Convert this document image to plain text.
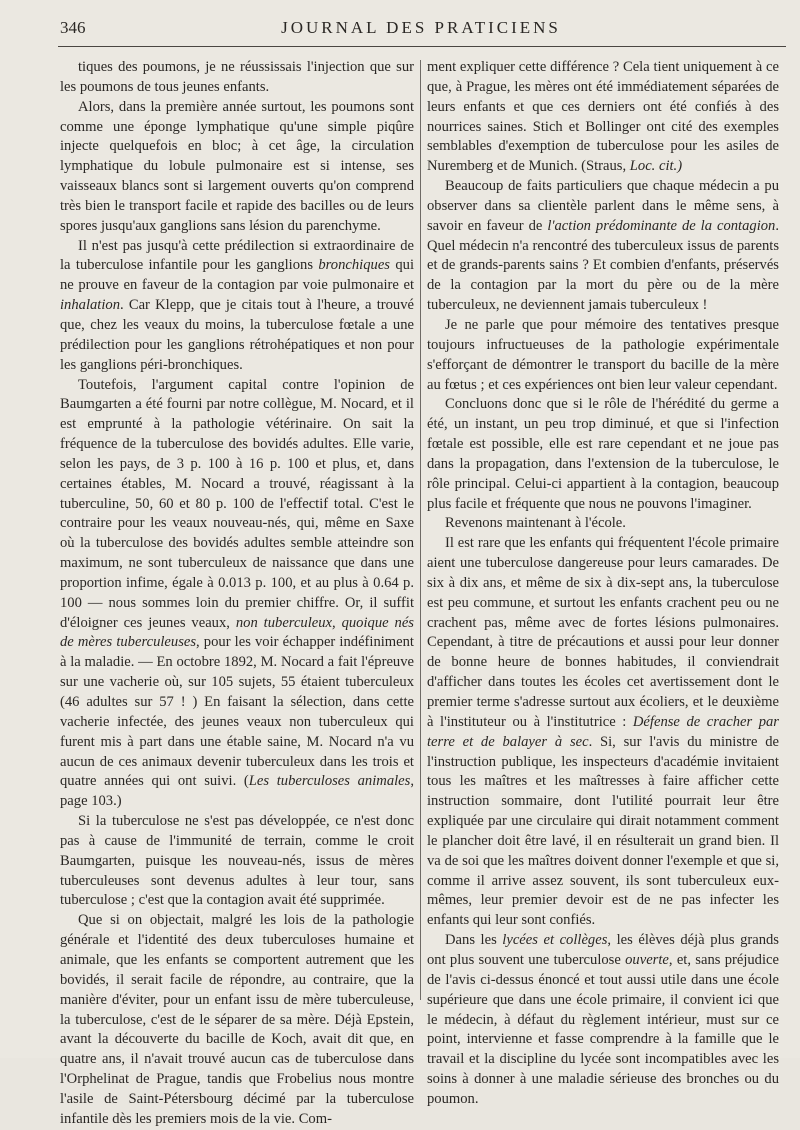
346	JOURNAL DES PRATICIENS

tiques des poumons, je ne réussissais l'injection que sur les poumons de tous jeunes enfants.

Alors, dans la première année surtout, les poumons sont comme une éponge lymphatique qu'une simple piqûre injecte quelquefois en bloc; à cet âge, la circulation lymphatique du lobule pulmonaire est si intense, ses vaisseaux blancs sont si largement ouverts qu'on comprend très bien le transport facile et rapide des bacilles ou de leurs spores jusqu'aux ganglions sans lésion du parenchyme.

Il n'est pas jusqu'à cette prédilection si extraordinaire de la tuberculose infantile pour les ganglions bronchiques qui ne prouve en faveur de la contagion par voie pulmonaire et inhalation. Car Klepp, que je citais tout à l'heure, a trouvé que, chez les veaux du moins, la tuberculose fœtale a une prédilection pour les ganglions rétrohépatiques et non pour les ganglions péri-bronchiques.

Toutefois, l'argument capital contre l'opinion de Baumgarten a été fourni par notre collègue, M. Nocard, et il est emprunté à la pathologie vétérinaire. On sait la fréquence de la tuberculose des bovidés adultes. Elle varie, selon les pays, de 3 p. 100 à 16 p. 100 et plus, et, dans certaines étables, M. Nocard a trouvé, réagissant à la tuberculine, 50, 60 et 80 p. 100 de l'effectif total. C'est le contraire pour les veaux nouveau-nés, qui, même en Saxe où la tuberculose des bovidés adultes semble atteindre son maximum, ne sont tuberculeux de naissance que dans une proportion infime, égale à 0.013 p. 100, et au plus à 0.64 p. 100 — nous sommes loin du premier chiffre. Or, il suffit d'éloigner ces jeunes veaux, non tuberculeux, quoique nés de mères tuberculeuses, pour les voir échapper indéfiniment à la maladie. — En octobre 1892, M. Nocard a fait l'épreuve sur une vacherie où, sur 105 sujets, 55 étaient tuberculeux (46 adultes sur 57 ! ) En faisant la sélection, dans cette vacherie infectée, des jeunes veaux non tuberculeux qui furent mis à part dans une étable saine, M. Nocard n'a vu aucun de ces animaux devenir tuberculeux dans les trois et quatre années qui ont suivi. (Les tuberculoses animales, page 103.)

Si la tuberculose ne s'est pas développée, ce n'est donc pas à cause de l'immunité de terrain, comme le croit Baumgarten, puisque les nouveau-nés, issus de mères tuberculeuses sont devenus adultes à leur tour, sans tuberculose ; c'est que la contagion avait été supprimée.

Que si on objectait, malgré les lois de la pathologie générale et l'identité des deux tuberculoses humaine et animale, que les enfants se comportent autrement que les bovidés, il serait facile de répondre, au contraire, que la manière d'éviter, pour un enfant issu de mère tuberculeuse, la tuberculose, c'est de le séparer de sa mère. Déjà Epstein, avant la découverte du bacille de Koch, avait dit que, en quatre ans, il n'avait trouvé aucun cas de tuberculose dans l'Orphelinat de Prague, tandis que Frobelius nous montre l'asile de Saint-Pétersbourg décimé par la tuberculose infantile dès les premiers mois de la vie. Com-

ment expliquer cette différence ? Cela tient uniquement à ce que, à Prague, les mères ont été immédiatement séparées de leurs enfants et que ces derniers ont été confiés à des nourrices saines. Stich et Bollinger ont cité des exemples semblables d'exemption de tuberculose pour les asiles de Nuremberg et de Munich. (Straus, Loc. cit.)

Beaucoup de faits particuliers que chaque médecin a pu observer dans sa clientèle parlent dans le même sens, à savoir en faveur de l'action prédominante de la contagion. Quel médecin n'a rencontré des tuberculeux issus de parents et de grands-parents sains ? Et combien d'enfants, préservés de la contagion par la mort du père ou de la mère tuberculeux, ne deviennent jamais tuberculeux !

Je ne parle que pour mémoire des tentatives presque toujours infructueuses de la pathologie expérimentale s'efforçant de démontrer le transport du bacille de la mère au fœtus ; et ces expériences ont bien leur valeur cependant.

Concluons donc que si le rôle de l'hérédité du germe a été, un instant, un peu trop diminué, et que si l'infection fœtale est possible, elle est rare cependant et ne joue pas dans la propagation, dans l'extension de la tuberculose, le rôle principal. Celui-ci appartient à la contagion, beaucoup plus facile et fréquente que nous ne pouvons l'imaginer.

Revenons maintenant à l'école.

Il est rare que les enfants qui fréquentent l'école primaire aient une tuberculose dangereuse pour leurs camarades. De six à dix ans, et même de six à dix-sept ans, la tuberculose est peu commune, et surtout les enfants crachent peu ou ne crachent pas, même avec de fortes lésions pulmonaires. Cependant, à titre de précautions et aussi pour leur donner de bonne heure de bonnes habitudes, il conviendrait d'afficher dans toutes les écoles cet avertissement dont le premier terme s'adresse surtout aux écoliers, et le deuxième à l'instituteur ou à l'institutrice : Défense de cracher par terre et de balayer à sec. Si, sur l'avis du ministre de l'instruction publique, les inspecteurs d'académie invitaient tous les maîtres et les maîtresses à faire afficher cette instruction sommaire, dont l'utilité pourrait leur être expliquée par une circulaire qui dirait notamment comment le plancher doit être lavé, il en résulterait un grand bien. Il va de soi que les maîtres doivent donner l'exemple et que si, comme il arrive assez souvent, ils sont tuberculeux eux-mêmes, leur premier devoir est de ne pas infecter les enfants qui leur sont confiés.

Dans les lycées et collèges, les élèves déjà plus grands ont plus souvent une tuberculose ouverte, et, sans préjudice de l'avis ci-dessus énoncé et tout aussi utile dans une école supérieure que dans une école primaire, il convient ici que le médecin, à défaut du règlement intérieur, must sur ce point, intervienne et fasse comprendre à la famille que le travail et la discipline du lycée sont incompatibles avec les soins à donner à une maladie sérieuse des bronches ou du poumon.
